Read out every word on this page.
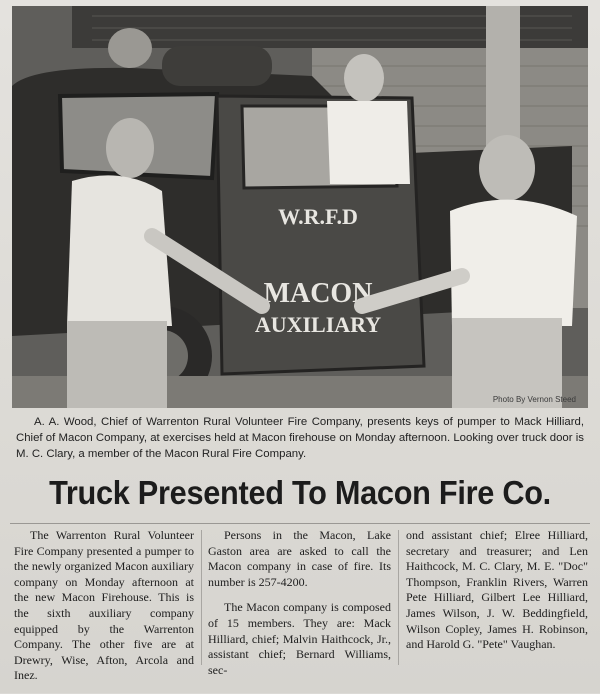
W.R.F.D
MACON
AUXILIARY
Photo By Vernon Steed
A. A. Wood, Chief of Warrenton Rural Volunteer Fire Company, presents keys of pumper to Mack Hilliard, Chief of Macon Company, at exercises held at Macon firehouse on Monday afternoon. Looking over truck door is M. C. Clary, a member of the Macon Rural Fire Company.
Truck Presented To Macon Fire Co.

The Warrenton Rural Volunteer Fire Company presented a pumper to the newly organized Macon auxiliary company on Monday afternoon at the new Macon Firehouse. This is the sixth auxiliary company equipped by the Warrenton Company. The other five are at Drewry, Wise, Afton, Arcola and Inez.

Persons in the Macon, Lake Gaston area are asked to call the Macon company in case of fire. Its number is 257-4200.

The Macon company is composed of 15 members. They are: Mack Hilliard, chief; Malvin Haithcock, Jr., assistant chief; Bernard Williams, sec-

ond assistant chief; Elree Hilliard, secretary and treasurer; and Len Haithcock, M. C. Clary, M. E. "Doc" Thompson, Franklin Rivers, Warren Pete Hilliard, Gilbert Lee Hilliard, James Wilson, J. W. Beddingfield, Wilson Copley, James H. Robinson, and Harold G. "Pete" Vaughan.
